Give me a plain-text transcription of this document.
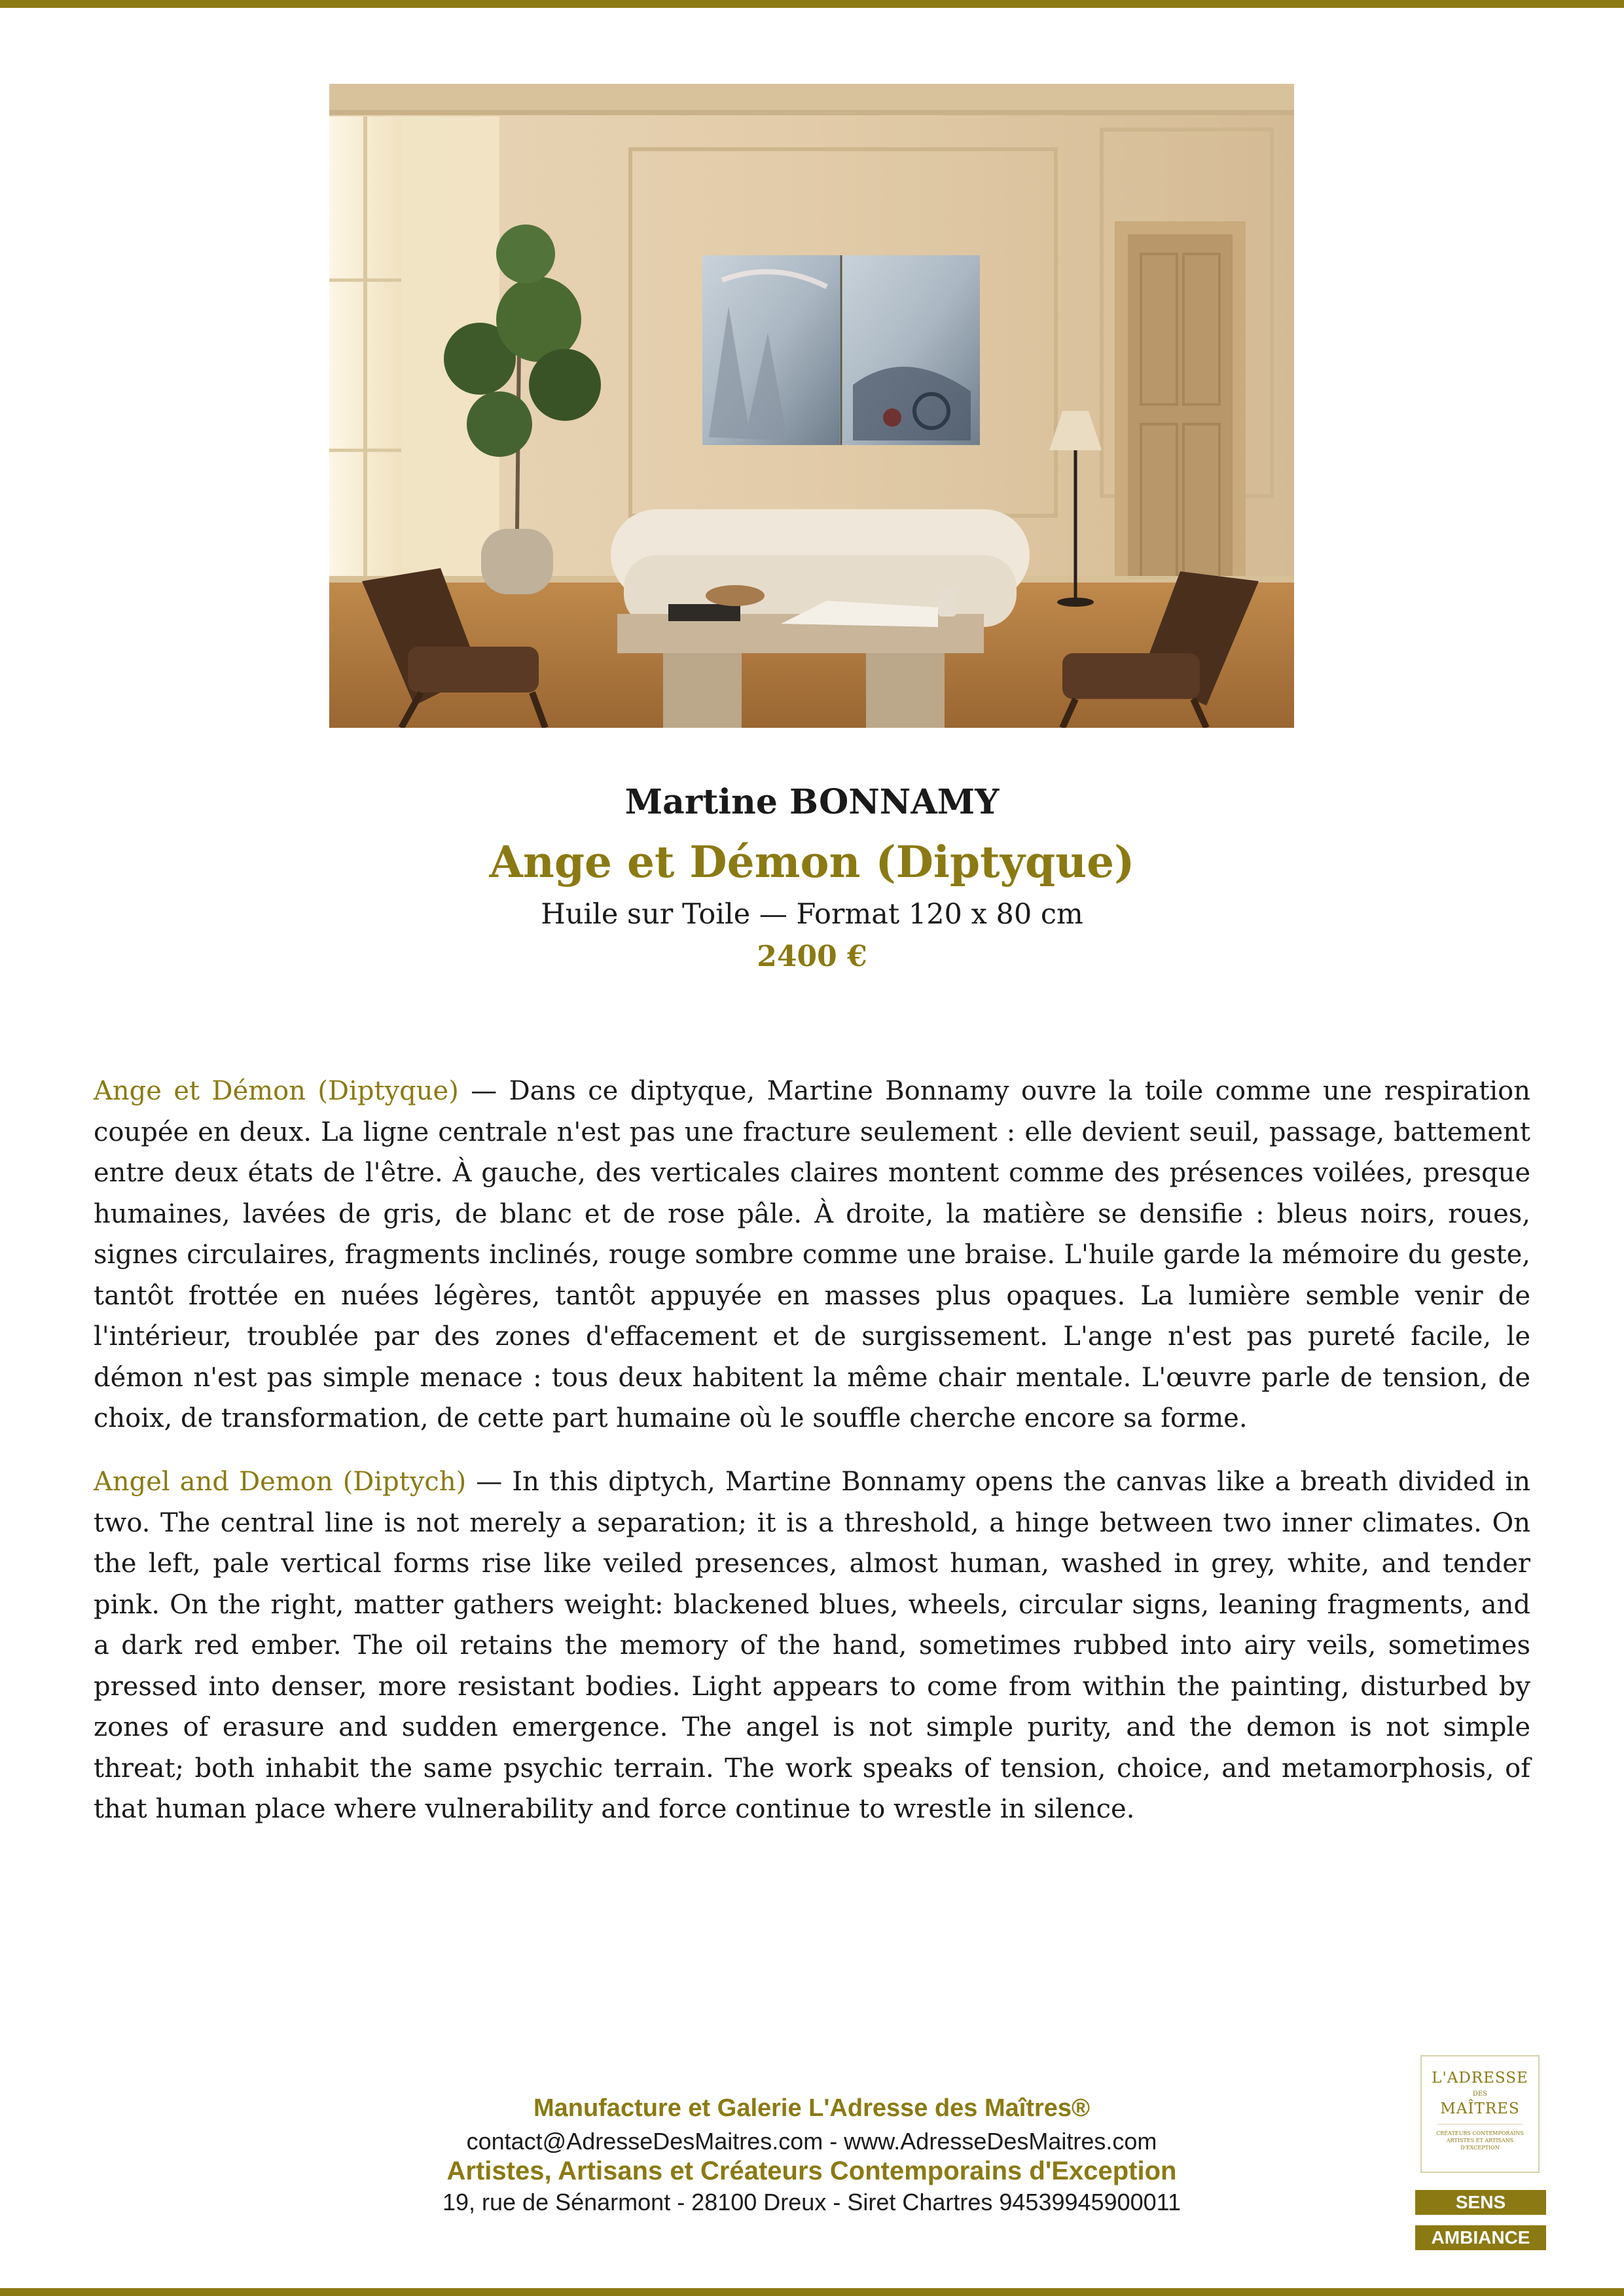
Martine BONNAMY
Ange et Démon (Diptyque)
Huile sur Toile — Format 120 x 80 cm
2400 €
Ange et Démon (Diptyque) — Dans ce diptyque, Martine Bonnamy ouvre la toile comme une respiration coupée en deux. La ligne centrale n'est pas une fracture seulement : elle devient seuil, passage, battement entre deux états de l'être. À gauche, des verticales claires montent comme des présences voilées, presque humaines, lavées de gris, de blanc et de rose pâle. À droite, la matière se densifie : bleus noirs, roues, signes circulaires, fragments inclinés, rouge sombre comme une braise. L'huile garde la mémoire du geste, tantôt frottée en nuées légères, tantôt appuyée en masses plus opaques. La lumière semble venir de l'intérieur, troublée par des zones d'effacement et de surgissement. L'ange n'est pas pureté facile, le démon n'est pas simple menace : tous deux habitent la même chair mentale. L'œuvre parle de tension, de choix, de transformation, de cette part humaine où le souffle cherche encore sa forme.
Angel and Demon (Diptych) — In this diptych, Martine Bonnamy opens the canvas like a breath divided in two. The central line is not merely a separation; it is a threshold, a hinge between two inner climates. On the left, pale vertical forms rise like veiled presences, almost human, washed in grey, white, and tender pink. On the right, matter gathers weight: blackened blues, wheels, circular signs, leaning fragments, and a dark red ember. The oil retains the memory of the hand, sometimes rubbed into airy veils, sometimes pressed into denser, more resistant bodies. Light appears to come from within the painting, disturbed by zones of erasure and sudden emergence. The angel is not simple purity, and the demon is not simple threat; both inhabit the same psychic terrain. The work speaks of tension, choice, and metamorphosis, of that human place where vulnerability and force continue to wrestle in silence.
Manufacture et Galerie L'Adresse des Maîtres®
contact@AdresseDesMaitres.com - www.AdresseDesMaitres.com
Artistes, Artisans et Créateurs Contemporains d'Exception
19, rue de Sénarmont - 28100 Dreux - Siret Chartres 94539945900011
L'ADRESSE
DES
MAÎTRES
CRÉATEURS CONTEMPORAINS
ARTISTES ET ARTISANS
D'EXCEPTION
SENS
AMBIANCE
